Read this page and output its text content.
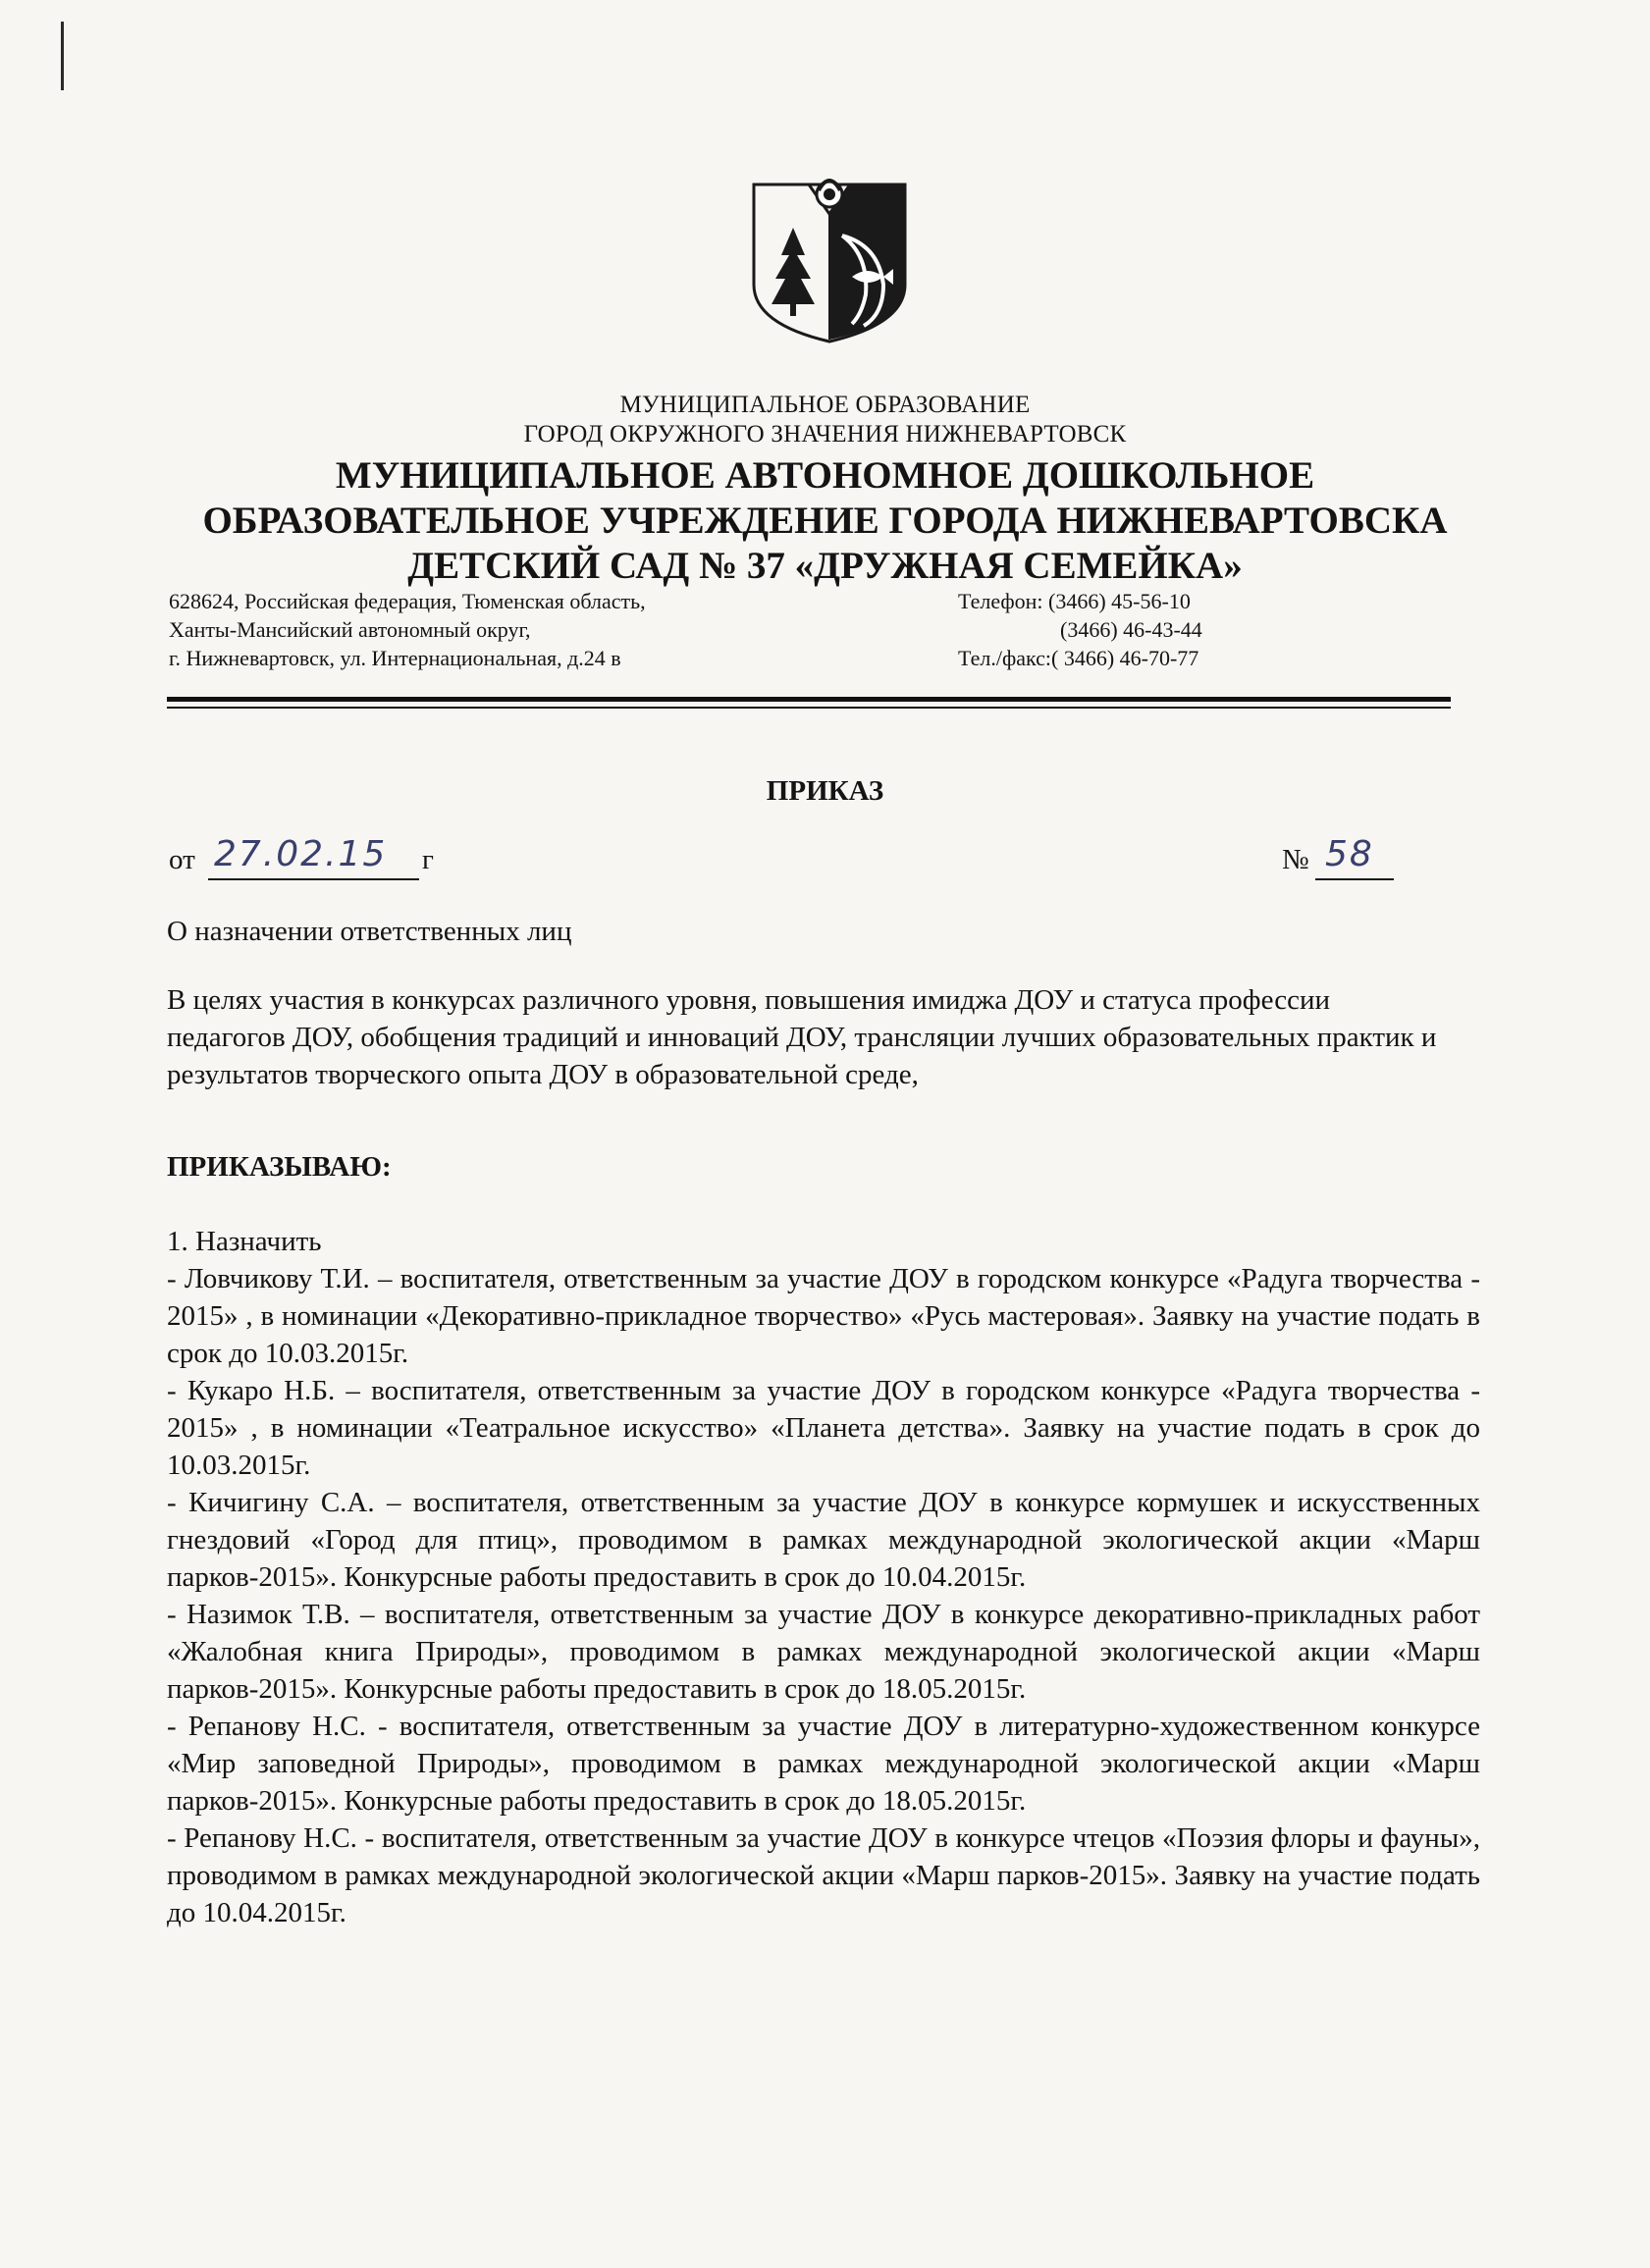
МУНИЦИПАЛЬНОЕ ОБРАЗОВАНИЕ
ГОРОД ОКРУЖНОГО ЗНАЧЕНИЯ НИЖНЕВАРТОВСК
МУНИЦИПАЛЬНОЕ АВТОНОМНОЕ ДОШКОЛЬНОЕ
ОБРАЗОВАТЕЛЬНОЕ УЧРЕЖДЕНИЕ ГОРОДА НИЖНЕВАРТОВСКА
ДЕТСКИЙ САД № 37 «ДРУЖНАЯ СЕМЕЙКА»
628624, Российская федерация, Тюменская область,
Ханты-Мансийский автономный округ,
г. Нижневартовск, ул. Интернациональная, д.24 в
Телефон: (3466) 45-56-10
(3466) 46-43-44
Тел./факс:( 3466) 46-70-77
ПРИКАЗ
от 27.02.15 г	№ 58
О назначении ответственных лиц
В целях участия в конкурсах различного уровня, повышения имиджа ДОУ и статуса профессии педагогов ДОУ, обобщения традиций и инноваций ДОУ, трансляции лучших образовательных практик и результатов творческого опыта ДОУ в образовательной среде,
ПРИКАЗЫВАЮ:
1. Назначить

- Ловчикову Т.И. – воспитателя, ответственным за участие ДОУ в городском конкурсе «Радуга творчества - 2015» , в номинации «Декоративно-прикладное творчество» «Русь мастеровая». Заявку на участие подать в срок до 10.03.2015г.

- Кукаро Н.Б. – воспитателя, ответственным за участие ДОУ в городском конкурсе «Радуга творчества - 2015» , в номинации «Театральное искусство» «Планета детства». Заявку на участие подать в срок до 10.03.2015г.

- Кичигину С.А. – воспитателя, ответственным за участие ДОУ в конкурсе кормушек и искусственных гнездовий «Город для птиц», проводимом в рамках международной экологической акции «Марш парков-2015». Конкурсные работы предоставить в срок до 10.04.2015г.

- Назимок Т.В. – воспитателя, ответственным за участие ДОУ в конкурсе декоративно-прикладных работ «Жалобная книга Природы», проводимом в рамках международной экологической акции «Марш парков-2015». Конкурсные работы предоставить в срок до 18.05.2015г.

- Репанову Н.С. - воспитателя, ответственным за участие ДОУ в литературно-художественном конкурсе «Мир заповедной Природы», проводимом в рамках международной экологической акции «Марш парков-2015». Конкурсные работы предоставить в срок до 18.05.2015г.

- Репанову Н.С. - воспитателя, ответственным за участие ДОУ в конкурсе чтецов «Поэзия флоры и фауны», проводимом в рамках международной экологической акции «Марш парков-2015». Заявку на участие подать до 10.04.2015г.
